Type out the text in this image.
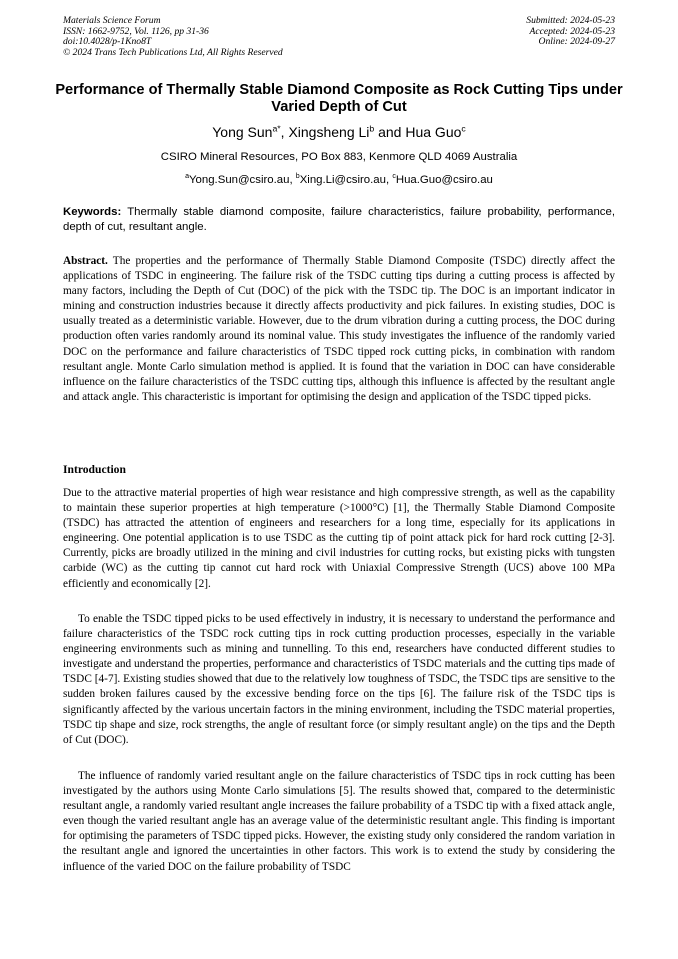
Materials Science Forum
ISSN: 1662-9752, Vol. 1126, pp 31-36
doi:10.4028/p-1Kno8T
© 2024 Trans Tech Publications Ltd, All Rights Reserved
Submitted: 2024-05-23
Accepted: 2024-05-23
Online: 2024-09-27
Performance of Thermally Stable Diamond Composite as Rock Cutting Tips under Varied Depth of Cut
Yong Sun$^{a*}$, Xingsheng Li$^b$ and Hua Guo$^c$
CSIRO Mineral Resources, PO Box 883, Kenmore QLD 4069 Australia
$^a$Yong.Sun@csiro.au, $^b$Xing.Li@csiro.au, $^c$Hua.Guo@csiro.au
Keywords: Thermally stable diamond composite, failure characteristics, failure probability, performance, depth of cut, resultant angle.
Abstract. The properties and the performance of Thermally Stable Diamond Composite (TSDC) directly affect the applications of TSDC in engineering. The failure risk of the TSDC cutting tips during a cutting process is affected by many factors, including the Depth of Cut (DOC) of the pick with the TSDC tip. The DOC is an important indicator in mining and construction industries because it directly affects productivity and pick failures. In existing studies, DOC is usually treated as a deterministic variable. However, due to the drum vibration during a cutting process, the DOC during production often varies randomly around its nominal value. This study investigates the influence of the randomly varied DOC on the performance and failure characteristics of TSDC tipped rock cutting picks, in combination with random resultant angle. Monte Carlo simulation method is applied. It is found that the variation in DOC can have considerable influence on the failure characteristics of the TSDC cutting tips, although this influence is affected by the resultant angle and attack angle. This characteristic is important for optimising the design and application of the TSDC tipped picks.
Introduction
Due to the attractive material properties of high wear resistance and high compressive strength, as well as the capability to maintain these superior properties at high temperature (>1000°C) [1], the Thermally Stable Diamond Composite (TSDC) has attracted the attention of engineers and researchers for a long time, especially for its applications in engineering. One potential application is to use TSDC as the cutting tip of point attack pick for hard rock cutting [2-3]. Currently, picks are broadly utilized in the mining and civil industries for cutting rocks, but existing picks with tungsten carbide (WC) as the cutting tip cannot cut hard rock with Uniaxial Compressive Strength (UCS) above 100 MPa efficiently and economically [2].
To enable the TSDC tipped picks to be used effectively in industry, it is necessary to understand the performance and failure characteristics of the TSDC rock cutting tips in rock cutting production processes, especially in the variable engineering environments such as mining and tunnelling. To this end, researchers have conducted different studies to investigate and understand the properties, performance and characteristics of TSDC materials and the cutting tips made of TSDC [4-7]. Existing studies showed that due to the relatively low toughness of TSDC, the TSDC tips are sensitive to the sudden broken failures caused by the excessive bending force on the tips [6]. The failure risk of the TSDC tips is significantly affected by the various uncertain factors in the mining environment, including the TSDC material properties, TSDC tip shape and size, rock strengths, the angle of resultant force (or simply resultant angle) on the tips and the Depth of Cut (DOC).
The influence of randomly varied resultant angle on the failure characteristics of TSDC tips in rock cutting has been investigated by the authors using Monte Carlo simulations [5]. The results showed that, compared to the deterministic resultant angle, a randomly varied resultant angle increases the failure probability of a TSDC tip with a fixed attack angle, even though the varied resultant angle has an average value of the deterministic resultant angle. This finding is important for optimising the parameters of TSDC tipped picks. However, the existing study only considered the random variation in the resultant angle and ignored the uncertainties in other factors. This work is to extend the study by considering the influence of the varied DOC on the failure probability of TSDC
